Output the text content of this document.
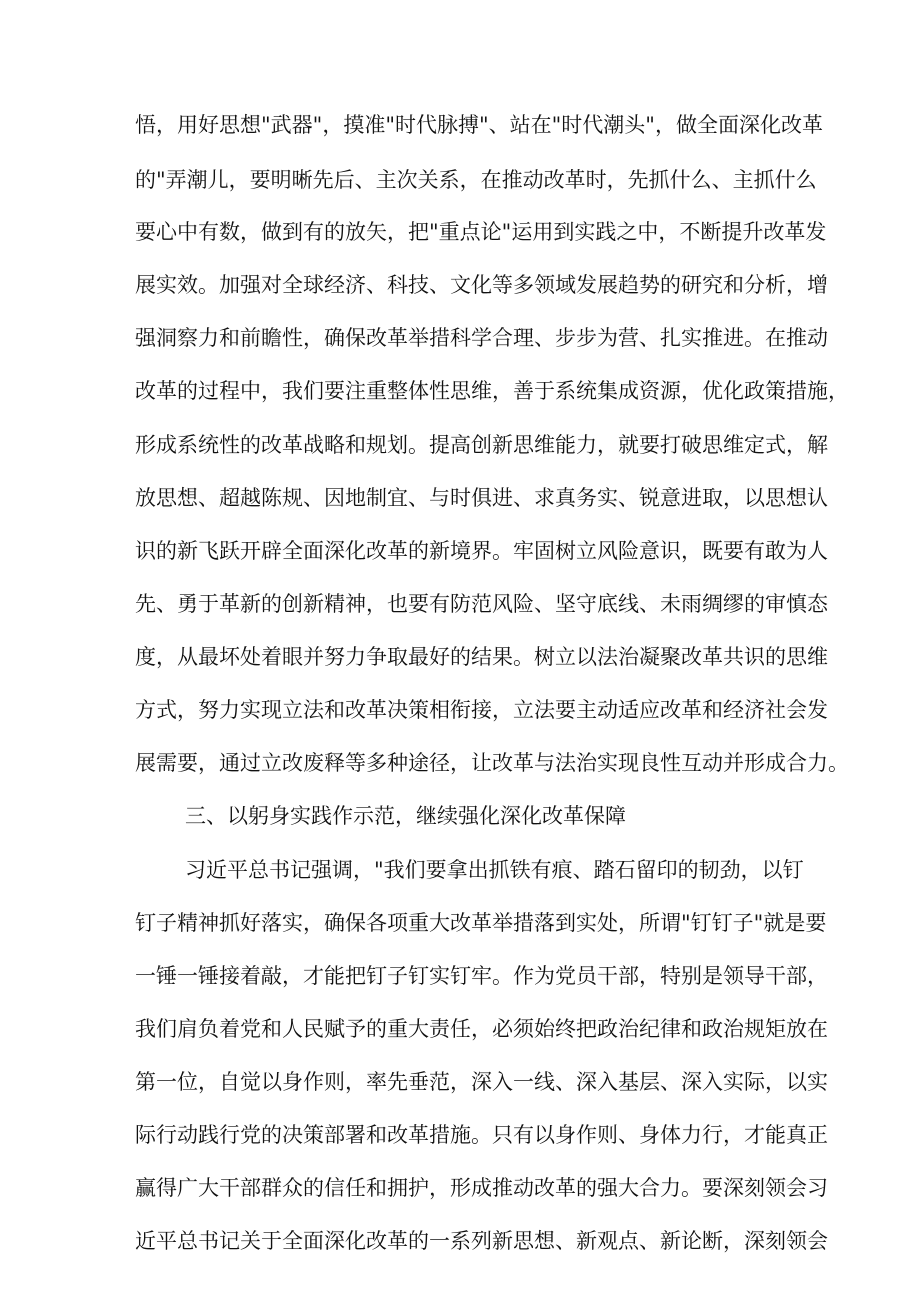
悟，用好思想"武器"，摸准"时代脉搏"、站在"时代潮头"，做全面深化改革
的"弄潮儿，要明晰先后、主次关系，在推动改革时，先抓什么、主抓什么
要心中有数，做到有的放矢，把"重点论"运用到实践之中，不断提升改革发
展实效。加强对全球经济、科技、文化等多领域发展趋势的研究和分析，增
强洞察力和前瞻性，确保改革举措科学合理、步步为营、扎实推进。在推动
改革的过程中，我们要注重整体性思维，善于系统集成资源，优化政策措施，
形成系统性的改革战略和规划。提高创新思维能力，就要打破思维定式，解
放思想、超越陈规、因地制宜、与时俱进、求真务实、锐意进取，以思想认
识的新飞跃开辟全面深化改革的新境界。牢固树立风险意识，既要有敢为人
先、勇于革新的创新精神，也要有防范风险、坚守底线、未雨绸缪的审慎态
度，从最坏处着眼并努力争取最好的结果。树立以法治凝聚改革共识的思维
方式，努力实现立法和改革决策相衔接，立法要主动适应改革和经济社会发
展需要，通过立改废释等多种途径，让改革与法治实现良性互动并形成合力。
三、以躬身实践作示范，继续强化深化改革保障
习近平总书记强调，"我们要拿出抓铁有痕、踏石留印的韧劲，以钉
钉子精神抓好落实，确保各项重大改革举措落到实处，所谓"钉钉子"就是要
一锤一锤接着敲，才能把钉子钉实钉牢。作为党员干部，特别是领导干部，
我们肩负着党和人民赋予的重大责任，必须始终把政治纪律和政治规矩放在
第一位，自觉以身作则，率先垂范，深入一线、深入基层、深入实际，以实
际行动践行党的决策部署和改革措施。只有以身作则、身体力行，才能真正
赢得广大干部群众的信任和拥护，形成推动改革的强大合力。要深刻领会习
近平总书记关于全面深化改革的一系列新思想、新观点、新论断，深刻领会
